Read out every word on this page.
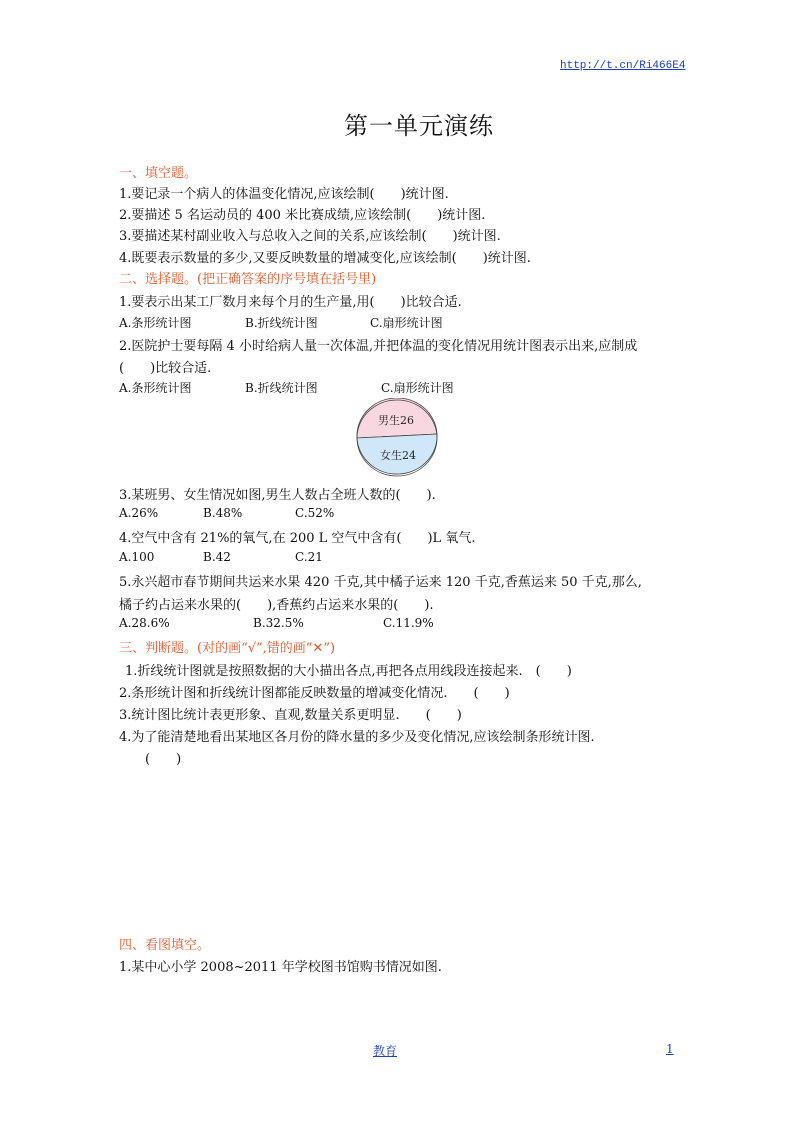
http://t.cn/Ri466E4
第一单元演练
一、填空题。
1.要记录一个病人的体温变化情况,应该绘制(　　)统计图.
2.要描述 5 名运动员的 400 米比赛成绩,应该绘制(　　)统计图.
3.要描述某村副业收入与总收入之间的关系,应该绘制(　　)统计图.
4.既要表示数量的多少,又要反映数量的增减变化,应该绘制(　　)统计图.
二、选择题。(把正确答案的序号填在括号里)
1.要表示出某工厂数月来每个月的生产量,用(　　)比较合适.
A.条形统计图	B.折线统计图	C.扇形统计图
2.医院护士要每隔 4 小时给病人量一次体温,并把体温的变化情况用统计图表示出来,应制成
(　　)比较合适.
A.条形统计图	B.折线统计图	C.扇形统计图
男生26
女生24
3.某班男、女生情况如图,男生人数占全班人数的(　　).
A.26%	B.48%	C.52%
4.空气中含有 21%的氧气,在 200 L 空气中含有(　　)L 氧气.
A.100	B.42	C.21
5.永兴超市春节期间共运来水果 420 千克,其中橘子运来 120 千克,香蕉运来 50 千克,那么,
橘子约占运来水果的(　　),香蕉约占运来水果的(　　).
A.28.6%	B.32.5%	C.11.9%
三、判断题。(对的画“√”,错的画“✕”)
1.折线统计图就是按照数据的大小描出各点,再把各点用线段连接起来.　(　　)
2.条形统计图和折线统计图都能反映数量的增减变化情况.　　(　　)
3.统计图比统计表更形象、直观,数量关系更明显.　　(　　)
4.为了能清楚地看出某地区各月份的降水量的多少及变化情况,应该绘制条形统计图.
(　　)
四、看图填空。
1.某中心小学 2008~2011 年学校图书馆购书情况如图.
教育	1
